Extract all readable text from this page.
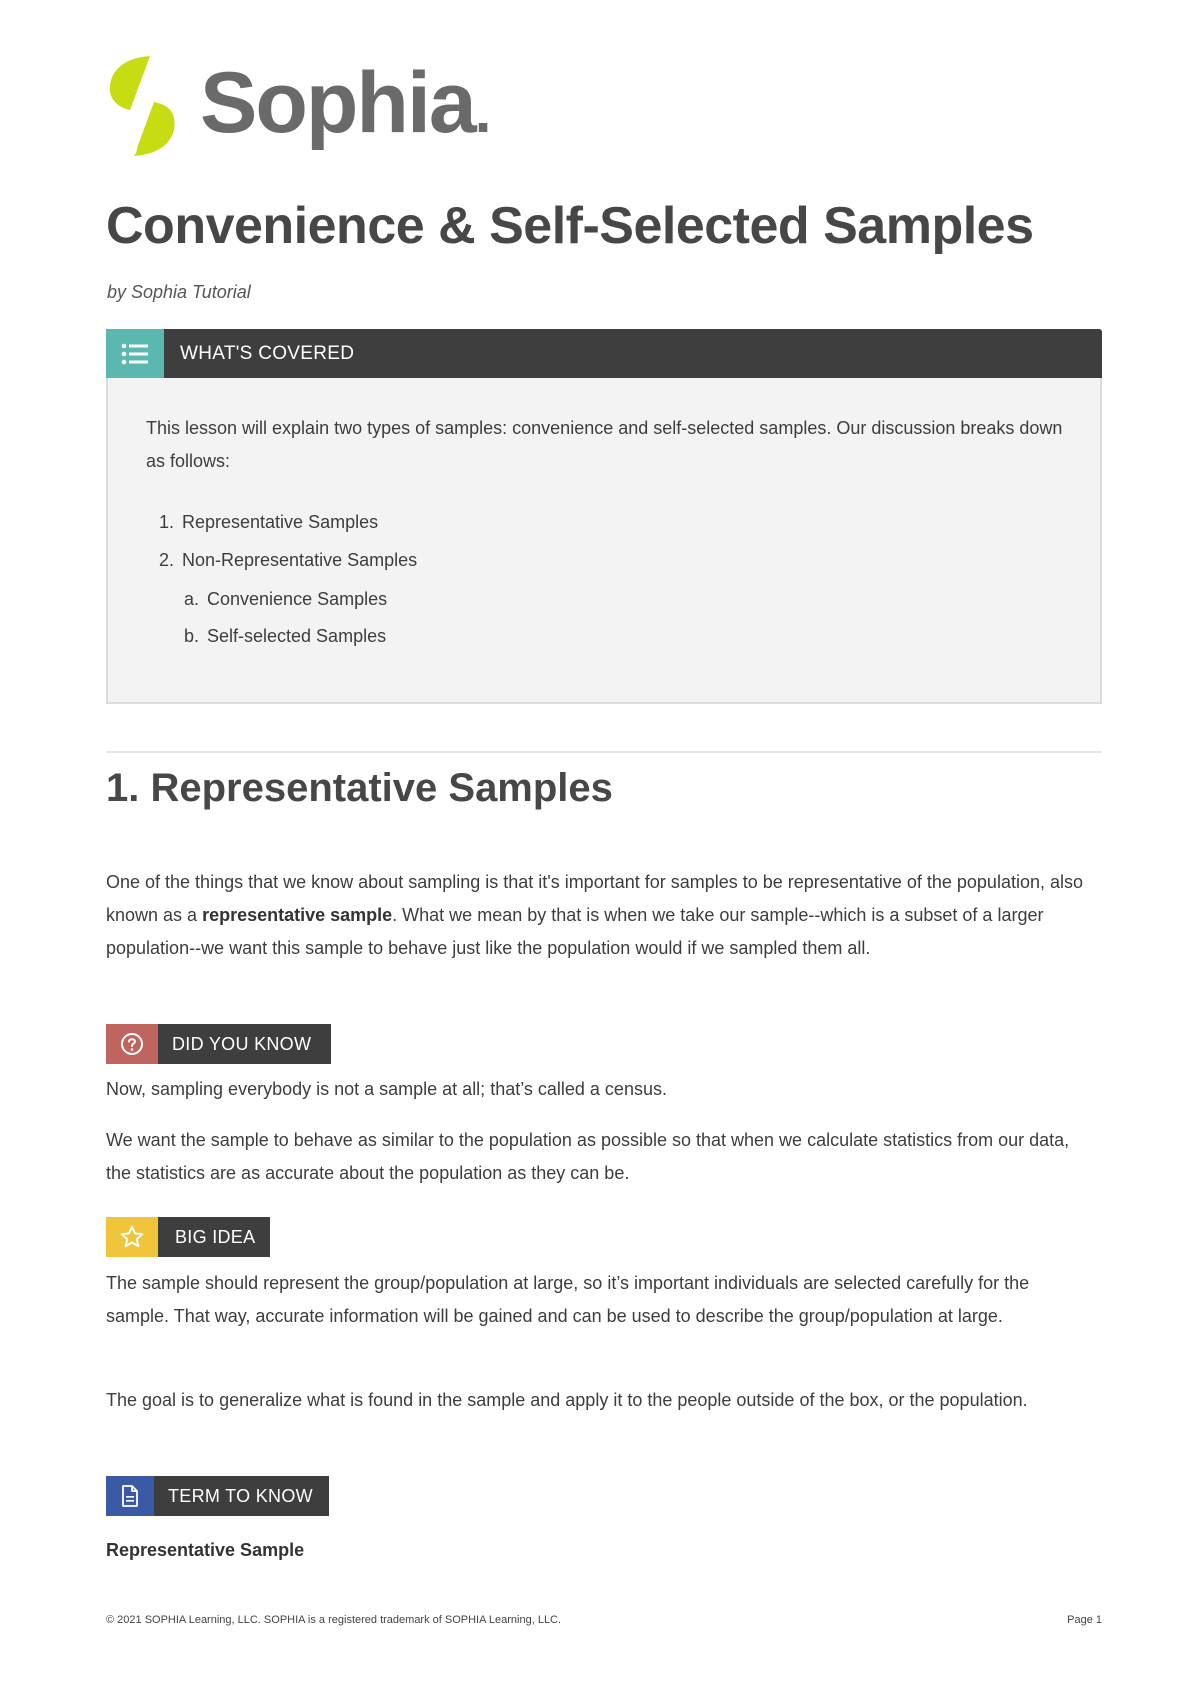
Sophia.
Convenience & Self-Selected Samples

by Sophia Tutorial

WHAT'S COVERED

This lesson will explain two types of samples: convenience and self-selected samples. Our discussion breaks down as follows:

1. Representative Samples
2. Non-Representative Samples
a. Convenience Samples
b. Self-selected Samples
1. Representative Samples

One of the things that we know about sampling is that it's important for samples to be representative of the population, also known as a representative sample. What we mean by that is when we take our sample--which is a subset of a larger population--we want this sample to behave just like the population would if we sampled them all.

DID YOU KNOW

Now, sampling everybody is not a sample at all; that’s called a census.

We want the sample to behave as similar to the population as possible so that when we calculate statistics from our data, the statistics are as accurate about the population as they can be.

BIG IDEA

The sample should represent the group/population at large, so it’s important individuals are selected carefully for the sample. That way, accurate information will be gained and can be used to describe the group/population at large.

The goal is to generalize what is found in the sample and apply it to the people outside of the box, or the population.

TERM TO KNOW

Representative Sample

© 2021 SOPHIA Learning, LLC. SOPHIA is a registered trademark of SOPHIA Learning, LLC.	Page 1
